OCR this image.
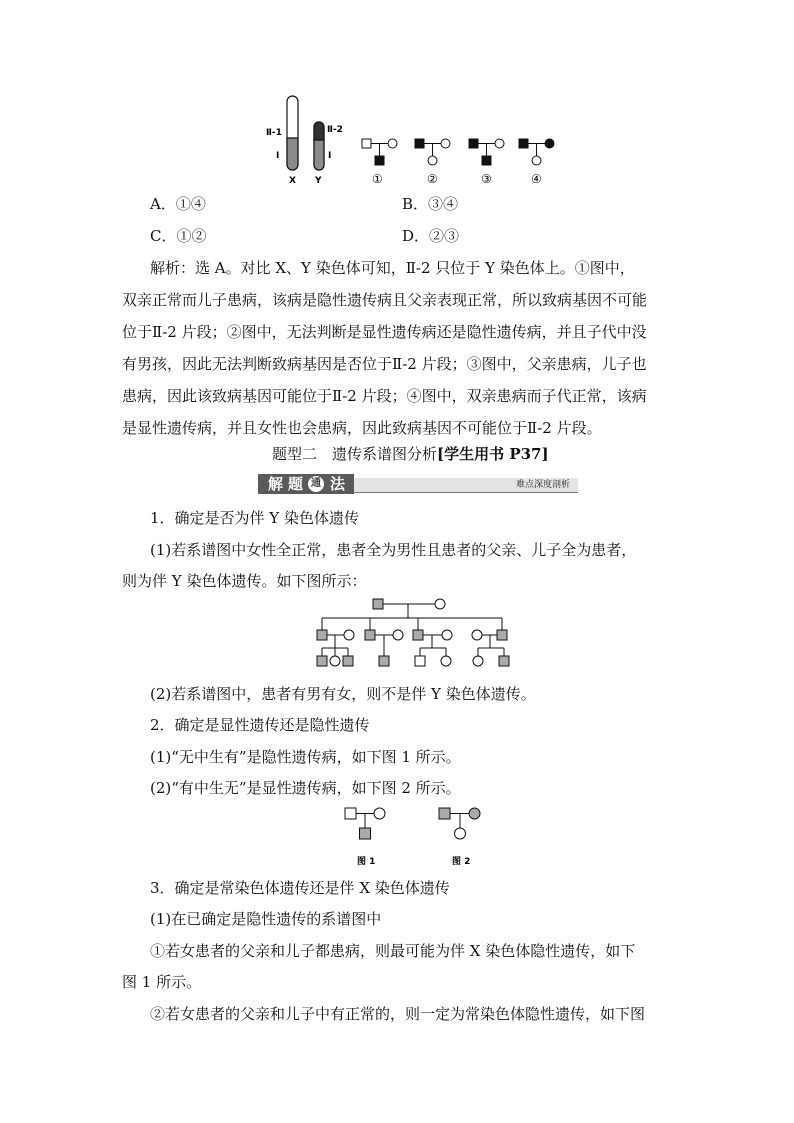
Ⅱ-1
Ⅰ
Ⅱ-2
Ⅰ
X Y	①	②	③	④
A．①④	B．③④
C．①②	D．②③
解析：选 A。对比 X、Y 染色体可知，Ⅱ-2 只位于 Y 染色体上。①图中，
双亲正常而儿子患病，该病是隐性遗传病且父亲表现正常，所以致病基因不可能
位于Ⅱ-2 片段；②图中，无法判断是显性遗传病还是隐性遗传病，并且子代中没
有男孩，因此无法判断致病基因是否位于Ⅱ-2 片段；③图中，父亲患病，儿子也
患病，因此该致病基因可能位于Ⅱ-2 片段；④图中，双亲患病而子代正常，该病
是显性遗传病，并且女性也会患病，因此致病基因不可能位于Ⅱ-2 片段。
题型二　遗传系谱图分析[学生用书 P37]
解 题 通 法	难点深度剖析
1．确定是否为伴 Y 染色体遗传
(1)若系谱图中女性全正常，患者全为男性且患者的父亲、儿子全为患者，
则为伴 Y 染色体遗传。如下图所示：
(2)若系谱图中，患者有男有女，则不是伴 Y 染色体遗传。
2．确定是显性遗传还是隐性遗传
(1)“无中生有”是隐性遗传病，如下图 1 所示。
(2)“有中生无”是显性遗传病，如下图 2 所示。
图 1	图 2
3．确定是常染色体遗传还是伴 X 染色体遗传
(1)在已确定是隐性遗传的系谱图中
①若女患者的父亲和儿子都患病，则最可能为伴 X 染色体隐性遗传，如下
图 1 所示。
②若女患者的父亲和儿子中有正常的，则一定为常染色体隐性遗传，如下图
